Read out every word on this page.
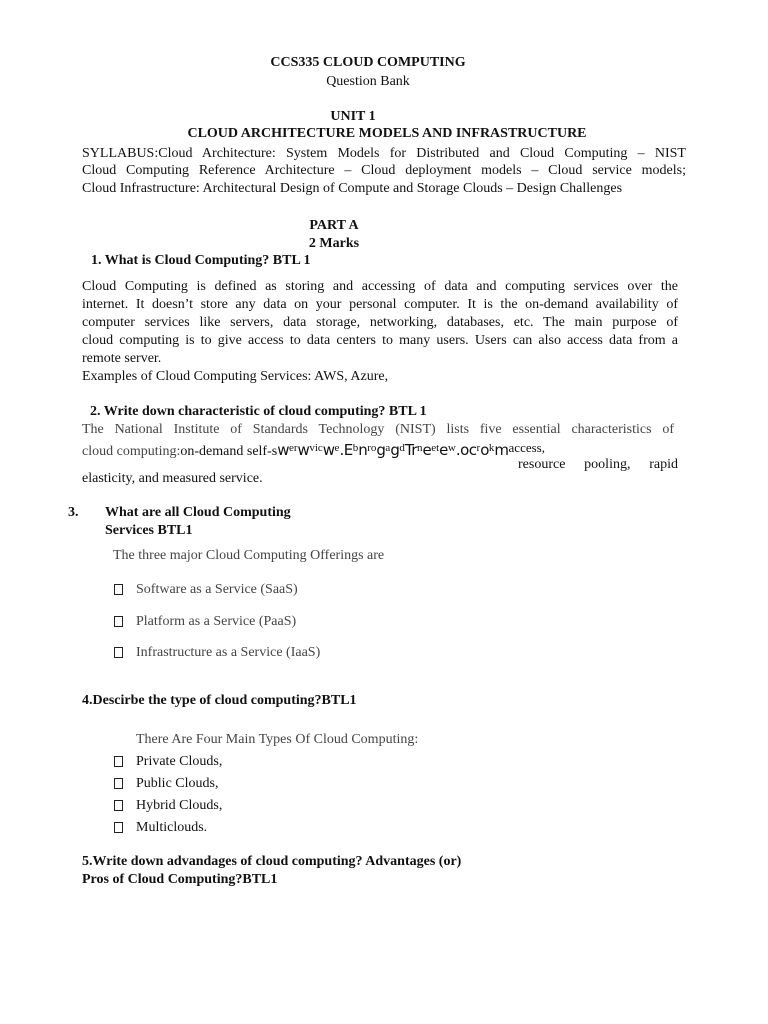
CCS335 CLOUD COMPUTING
Question Bank
UNIT 1
CLOUD ARCHITECTURE MODELS AND INFRASTRUCTURE
SYLLABUS:Cloud Architecture: System Models for Distributed and Cloud Computing – NIST
Cloud Computing Reference Architecture – Cloud deployment models – Cloud service models;
Cloud Infrastructure: Architectural Design of Compute and Storage Clouds – Design Challenges
PART A
2 Marks
1. What is Cloud Computing? BTL 1
Cloud Computing is defined as storing and accessing of data and computing services over the
internet. It doesn’t store any data on your personal computer. It is the on-demand availability of
computer services like servers, data storage, networking, databases, etc. The main purpose of
cloud computing is to give access to data centers to many users. Users can also access data from a
remote server.
Examples of Cloud Computing Services: AWS, Azure,
2. Write down characteristic of cloud computing? BTL 1
The National Institute of Standards Technology (NIST) lists five essential characteristics of
cloud computing:on-demand self-$sw^{er}w^{vic}w^e.E^bn^{ro}g^ag^dTr^ne^{et}e^w.oc^ro^kmaccess$,
resource pooling, rapid
elasticity, and measured service.
3. What are all Cloud Computing
Services BTL1
The three major Cloud Computing Offerings are
Software as a Service (SaaS)
Platform as a Service (PaaS)
Infrastructure as a Service (IaaS)
4.Descirbe the type of cloud computing?BTL1
There Are Four Main Types Of Cloud Computing:
Private Clouds,
Public Clouds,
Hybrid Clouds,
Multiclouds.
5.Write down advandages of cloud computing? Advantages (or)
Pros of Cloud Computing?BTL1
